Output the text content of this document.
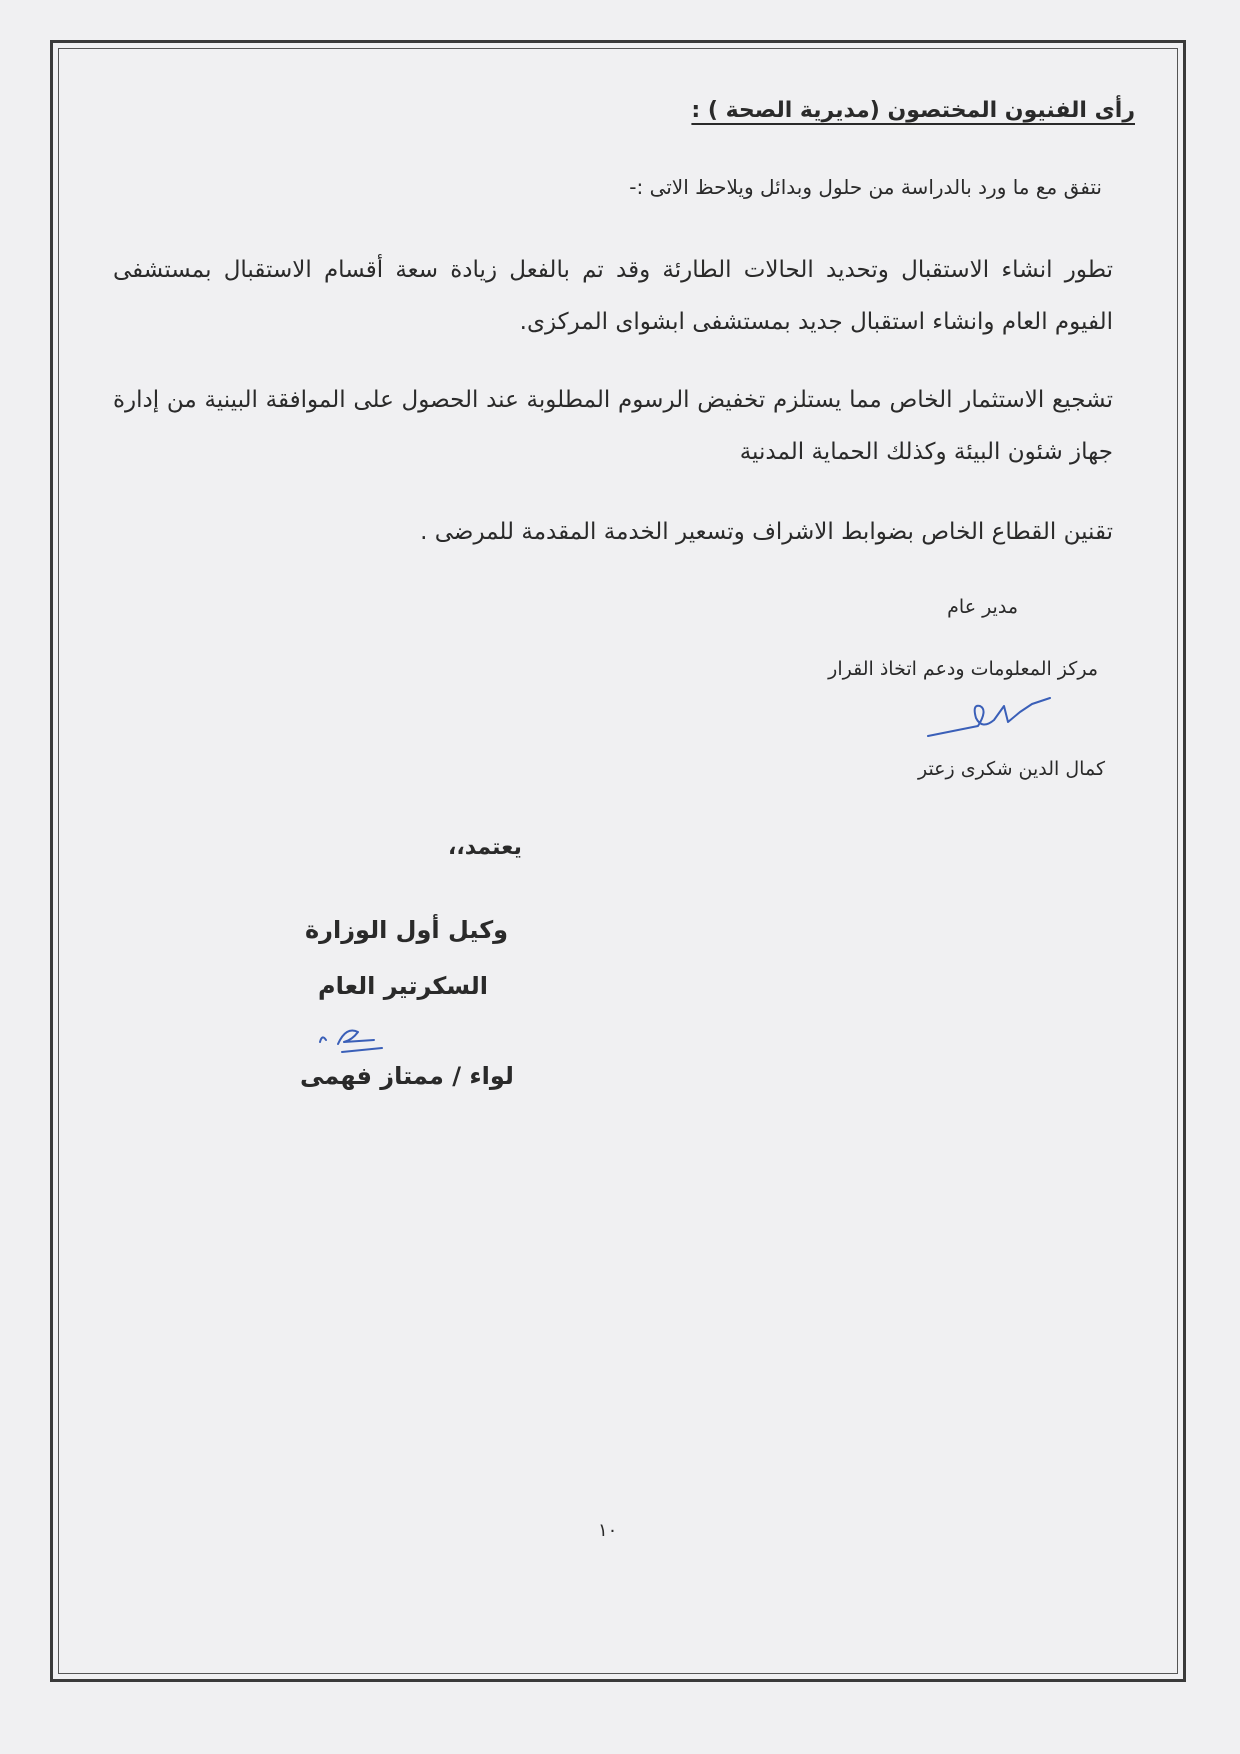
رأى الفنيون المختصون (مديرية الصحة ) :

نتفق مع ما ورد بالدراسة من حلول وبدائل ويلاحظ الاتى :-

تطور انشاء الاستقبال وتحديد الحالات الطارئة وقد تم بالفعل زيادة سعة أقسام الاستقبال بمستشفى الفيوم العام وانشاء استقبال جديد بمستشفى ابشواى المركزى.

تشجيع الاستثمار الخاص مما يستلزم تخفيض الرسوم المطلوبة عند الحصول على الموافقة البينية من إدارة جهاز شئون البيئة وكذلك الحماية المدنية

تقنين القطاع الخاص بضوابط الاشراف وتسعير الخدمة المقدمة للمرضى .

مدير عام

مركز المعلومات ودعم اتخاذ القرار

كمال الدين شكرى زعتر

يعتمد،،

وكيل أول الوزارة

السكرتير العام

لواء / ممتاز فهمى

١٠
